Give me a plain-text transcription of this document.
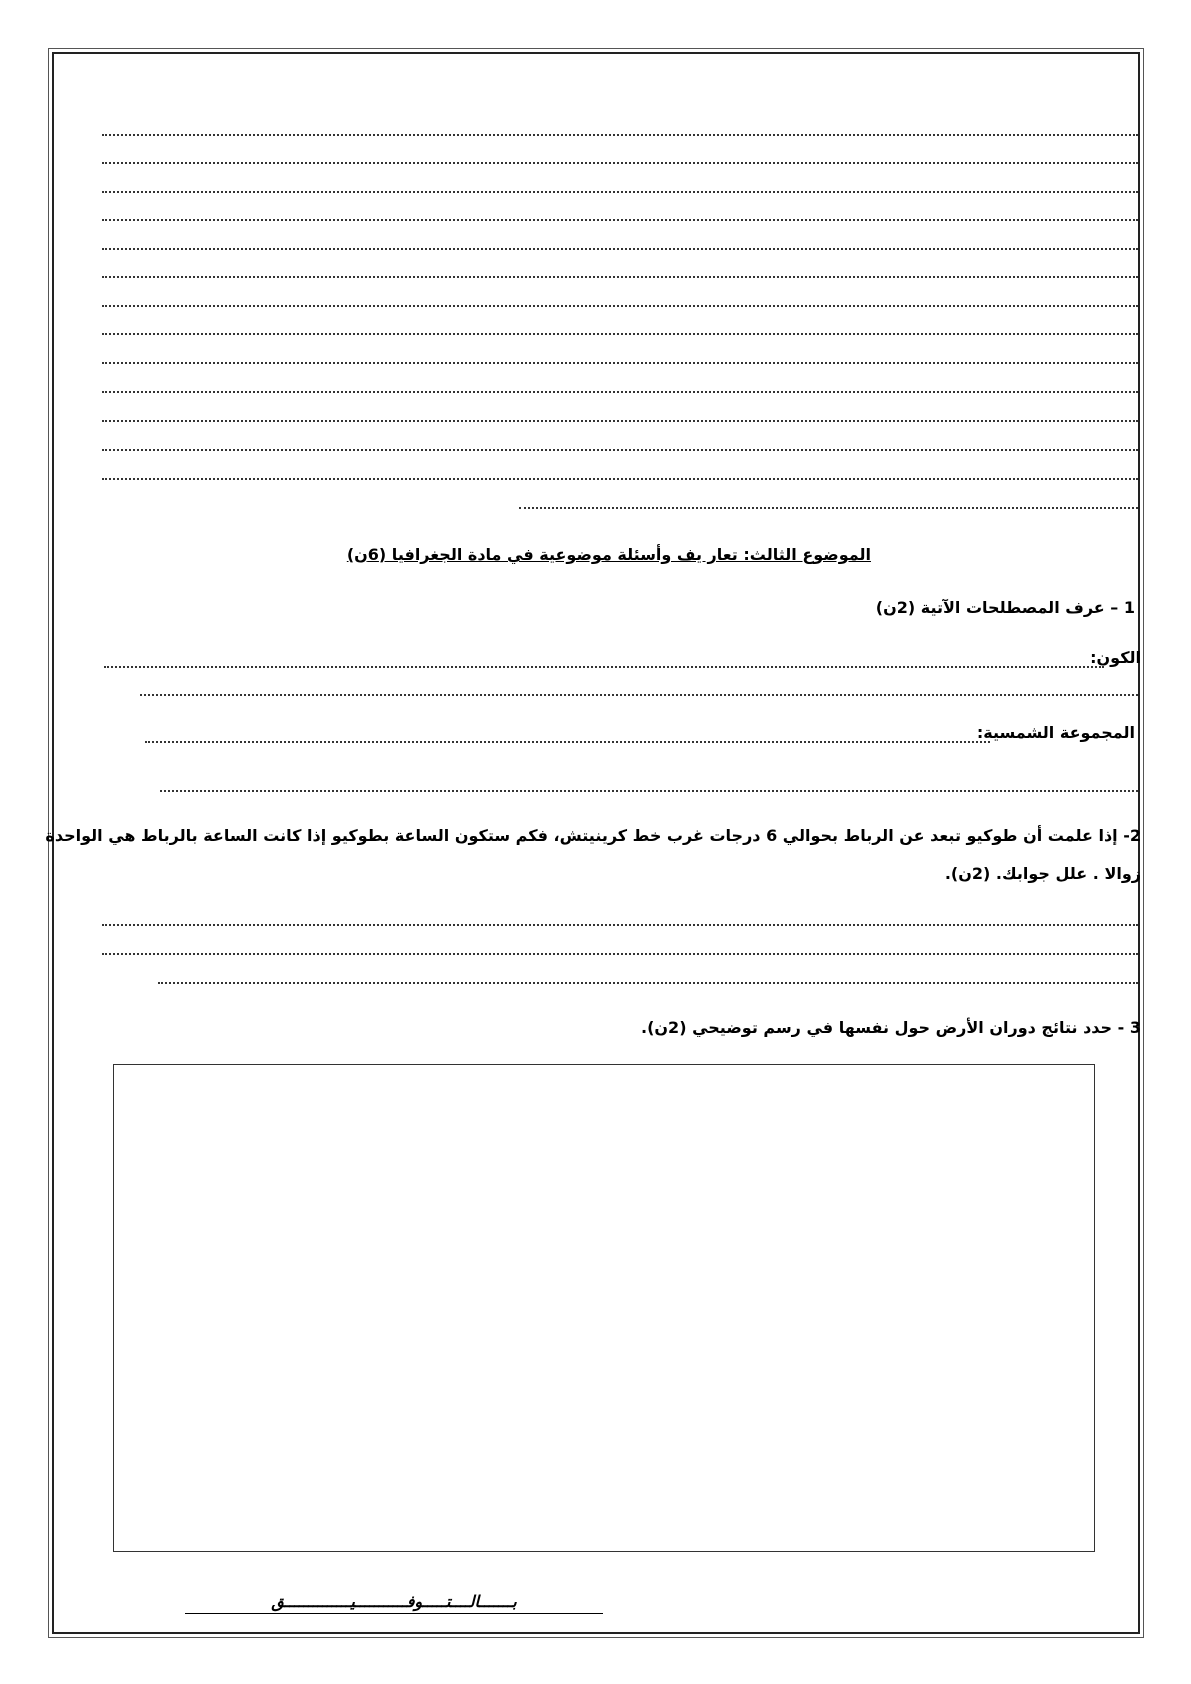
الموضوع الثالث: تعار يف وأسئلة موضوعية في مادة الجغرافيا (6ن)
1 – عرف المصطلحات الآتية (2ن)
الكون:
المجموعة الشمسية:
2- إذا علمت أن طوكيو تبعد عن الرباط بحوالي 6 درجات غرب خط كرينيتش، فكم ستكون الساعة بطوكيو إذا كانت الساعة بالرباط هي الواحدة
زوالا . علل جوابك. (2ن).
3 - حدد نتائج دوران الأرض حول نفسها في رسم توضيحي (2ن).
بـــــــالــــتـــــوفـــــــــــيــــــــــــــق
